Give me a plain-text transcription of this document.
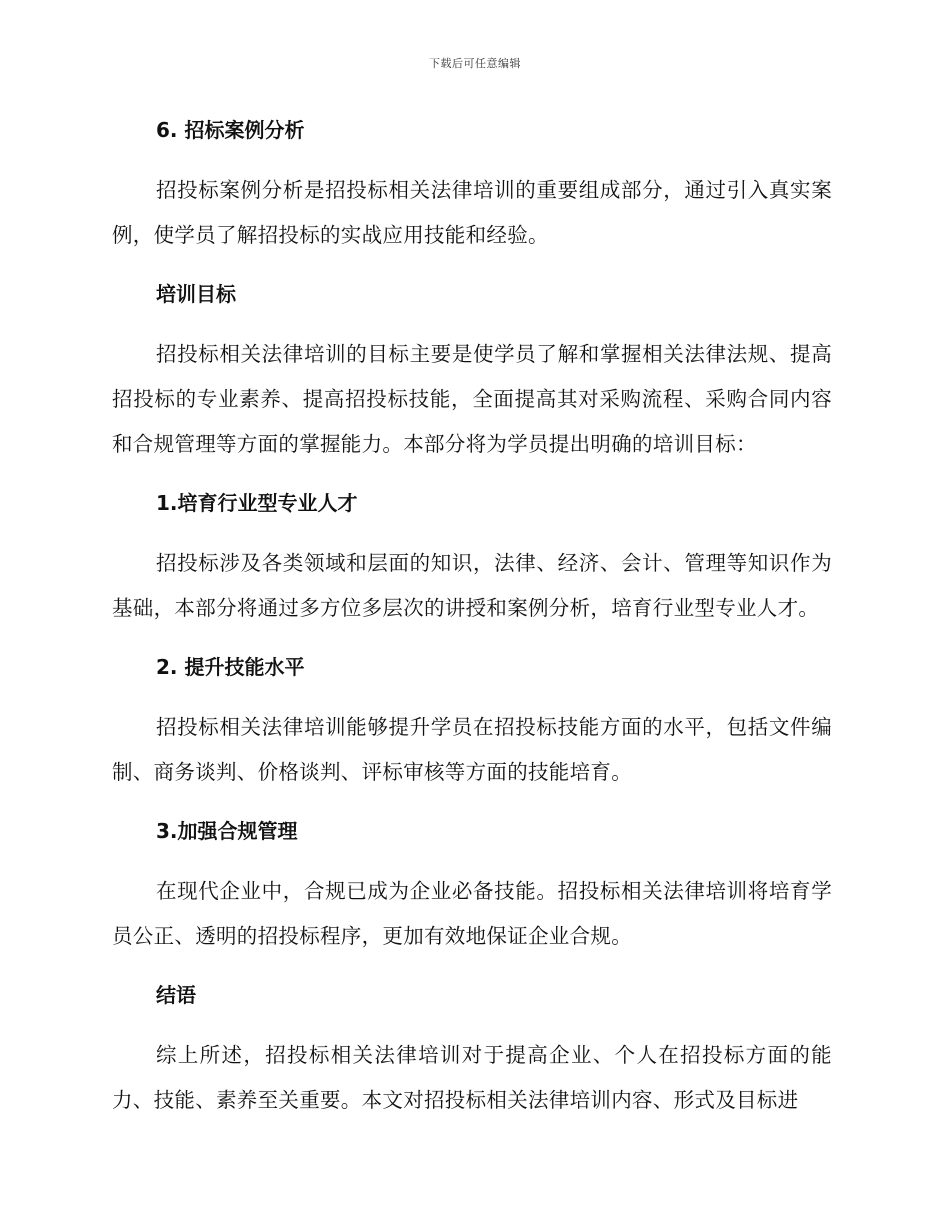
下载后可任意编辑

6. 招标案例分析

招投标案例分析是招投标相关法律培训的重要组成部分，通过引入真实案例，使学员了解招投标的实战应用技能和经验。

培训目标

招投标相关法律培训的目标主要是使学员了解和掌握相关法律法规、提高招投标的专业素养、提高招投标技能，全面提高其对采购流程、采购合同内容和合规管理等方面的掌握能力。本部分将为学员提出明确的培训目标：

1.培育行业型专业人才

招投标涉及各类领域和层面的知识，法律、经济、会计、管理等知识作为基础，本部分将通过多方位多层次的讲授和案例分析，培育行业型专业人才。

2. 提升技能水平

招投标相关法律培训能够提升学员在招投标技能方面的水平，包括文件编制、商务谈判、价格谈判、评标审核等方面的技能培育。

3.加强合规管理

在现代企业中，合规已成为企业必备技能。招投标相关法律培训将培育学员公正、透明的招投标程序，更加有效地保证企业合规。

结语

综上所述，招投标相关法律培训对于提高企业、个人在招投标方面的能力、技能、素养至关重要。本文对招投标相关法律培训内容、形式及目标进
